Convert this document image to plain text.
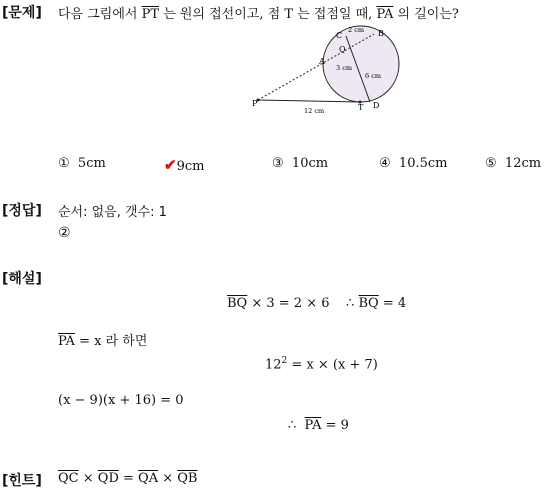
[문제] 다음 그림에서 $\overline{PT}$ 는 원의 접선이고, 점 T 는 접점일 때, $\overline{PA}$ 의 길이는?
C	B
Q
A
P	T D
2 cm
3 cm
6 cm
12 cm
① 5cm	✔9cm	③ 10cm	④ 10.5cm	⑤ 12cm
[정답] 순서: 없음, 갯수: 1
②
[해설]
$\overline{BQ} \times 3 = 2 \times 6$ ∴ $\overline{BQ} = 4$
$\overline{PA} = x$ 라 하면
$12^2 = x \times (x + 7)$
(x − 9)(x + 16) = 0
∴ $\overline{PA} = 9$
[힌트] $\overline{QC} \times \overline{QD} = \overline{QA} \times \overline{QB}$
